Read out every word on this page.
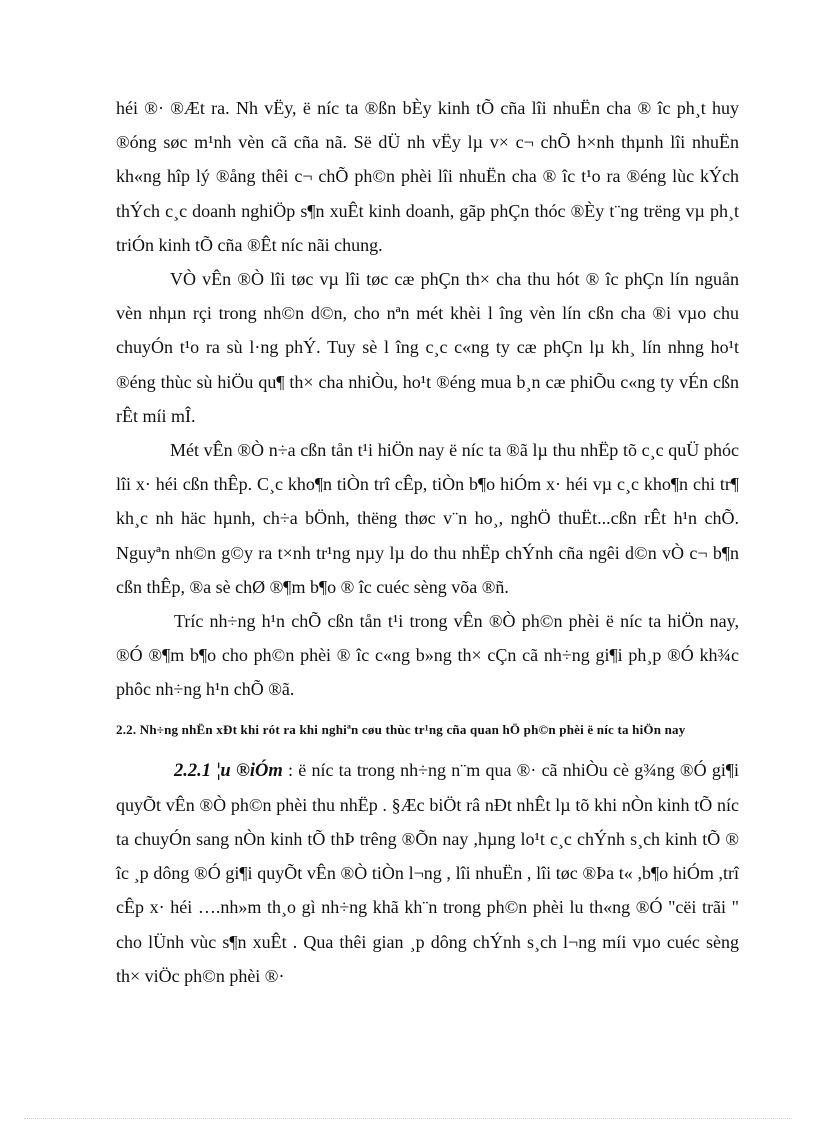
héi ®· ®Æt ra. Nh vËy, ë níc ta ®ßn bÈy kinh tÕ cña lîi nhuËn cha ® îc ph¸t huy ®óng søc m¹nh vèn cã cña nã. Së dÜ nh vËy lµ v× c¬ chÕ h×nh thµnh lîi nhuËn kh«ng hîp lý ®ång thêi c¬ chÕ ph©n phèi lîi nhuËn cha ® îc t¹o ra ®éng lùc kÝch thÝch c¸c doanh nghiÖp s¶n xuÊt kinh doanh, gãp phÇn thóc ®Èy t¨ng trëng vµ ph¸t triÓn kinh tÕ cña ®Êt níc nãi chung.

VÒ vÊn ®Ò lîi tøc vµ lîi tøc cæ phÇn th× cha thu hót ® îc phÇn lín nguån vèn nhµn rçi trong nh©n d©n, cho nªn mét khèi l îng vèn lín cßn cha ®i vµo chu chuyÓn t¹o ra sù l·ng phÝ. Tuy sè l îng c¸c c«ng ty cæ phÇn lµ kh¸ lín nhng ho¹t ®éng thùc sù hiÖu qu¶ th× cha nhiÒu, ho¹t ®éng mua b¸n cæ phiÕu c«ng ty vÉn cßn rÊt míi mÎ.

Mét vÊn ®Ò n÷a cßn tån t¹i hiÖn nay ë níc ta ®ã lµ thu nhËp tõ c¸c quÜ phóc lîi x· héi cßn thÊp. C¸c kho¶n tiÒn trî cÊp, tiÒn b¶o hiÓm x· héi vµ c¸c kho¶n chi tr¶ kh¸c nh häc hµnh, ch÷a bÖnh, thëng thøc v¨n ho¸, nghÖ thuËt...cßn rÊt h¹n chÕ. Nguyªn nh©n g©y ra t×nh tr¹ng nµy lµ do thu nhËp chÝnh cña ngêi d©n vÒ c¬ b¶n cßn thÊp, ®a sè chØ ®¶m b¶o ® îc cuéc sèng võa ®ñ.

Tríc nh÷ng h¹n chÕ cßn tån t¹i trong vÊn ®Ò ph©n phèi ë níc ta hiÖn nay, ®Ó ®¶m b¶o cho ph©n phèi ® îc c«ng b»ng th× cÇn cã nh÷ng gi¶i ph¸p ®Ó kh¾c phôc nh÷ng h¹n chÕ ®ã.

2.2. Nh÷ng nhËn xÐt khi rót ra khi nghiªn cøu thùc tr¹ng cña quan hÖ ph©n phèi ë níc ta hiÖn nay

2.2.1 ¦u ®iÓm : ë níc ta trong nh÷ng n¨m qua ®· cã nhiÒu cè g¾ng ®Ó gi¶i quyÕt vÊn ®Ò ph©n phèi thu nhËp . §Æc biÖt râ nÐt nhÊt lµ tõ khi nÒn kinh tÕ níc ta chuyÓn sang nÒn kinh tÕ thÞ trêng ®Õn nay ,hµng lo¹t c¸c chÝnh s¸ch kinh tÕ ® îc ¸p dông ®Ó gi¶i quyÕt vÊn ®Ò tiÒn l¬ng , lîi nhuËn , lîi tøc ®Þa t« ,b¶o hiÓm ,trî cÊp x· héi ….nh»m th¸o gì nh÷ng khã kh¨n trong ph©n phèi lu th«ng ®Ó "cëi trãi " cho lÜnh vùc s¶n xuÊt . Qua thêi gian ¸p dông chÝnh s¸ch l¬ng míi vµo cuéc sèng th× viÖc ph©n phèi ®·
